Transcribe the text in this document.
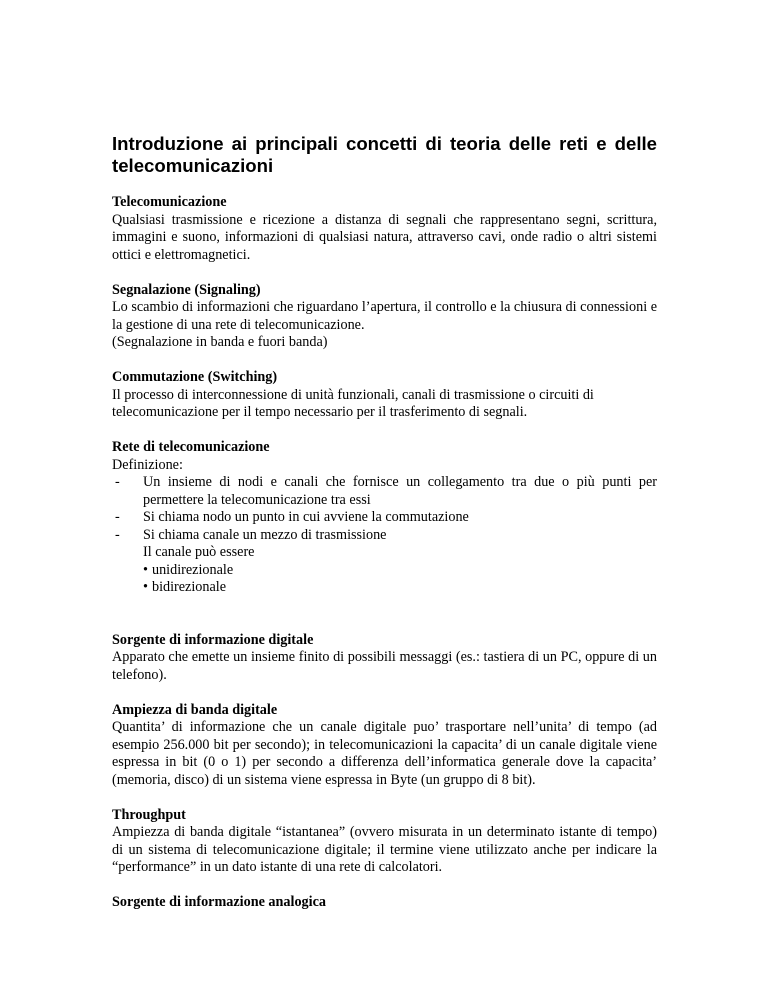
Introduzione ai principali concetti di teoria delle reti e delle telecomunicazioni
Telecomunicazione
Qualsiasi trasmissione e ricezione a distanza di segnali che rappresentano segni, scrittura, immagini e suono, informazioni di qualsiasi natura, attraverso cavi, onde radio o altri sistemi ottici e elettromagnetici.
Segnalazione (Signaling)
Lo scambio di informazioni che riguardano l’apertura, il controllo e la chiusura di connessioni e la gestione di una rete di telecomunicazione.
(Segnalazione in banda e fuori banda)
Commutazione (Switching)
Il processo di interconnessione di unità funzionali, canali di trasmissione o circuiti di
telecomunicazione per il tempo necessario per il trasferimento di segnali.
Rete di telecomunicazione
Definizione:
-	Un insieme di nodi e canali che fornisce un collegamento tra due o più punti per permettere la telecomunicazione tra essi
-	Si chiama nodo un punto in cui avviene la commutazione
-	Si chiama canale un mezzo di trasmissione
Il canale può essere
• unidirezionale
• bidirezionale
Sorgente di informazione digitale
Apparato che emette un insieme finito di possibili messaggi (es.: tastiera di un PC, oppure di un telefono).
Ampiezza di banda digitale
Quantita’ di informazione che un canale digitale puo’ trasportare nell’unita’ di tempo (ad esempio 256.000 bit per secondo); in telecomunicazioni la capacita’ di un canale digitale viene espressa in bit (0 o 1) per secondo a differenza dell’informatica generale dove la capacita’ (memoria, disco) di un sistema viene espressa in Byte (un gruppo di 8 bit).
Throughput
Ampiezza di banda digitale “istantanea” (ovvero misurata in un determinato istante di tempo) di un sistema di telecomunicazione digitale; il termine viene utilizzato anche per indicare la “performance” in un dato istante di una rete di calcolatori.
Sorgente di informazione analogica
